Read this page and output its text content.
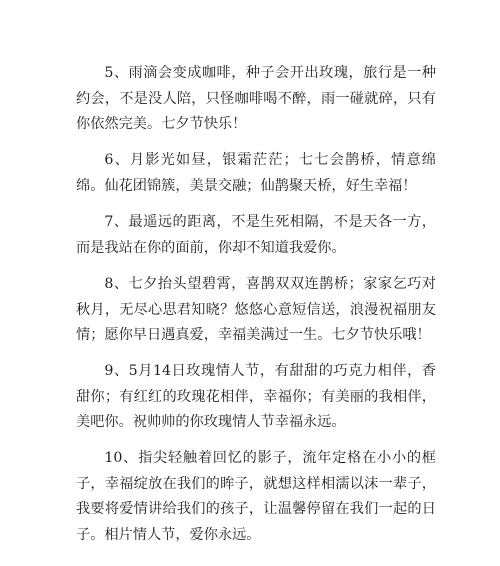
5、雨滴会变成咖啡，种子会开出玫瑰，旅行是一种约会，不是没人陪，只怪咖啡喝不醉，雨一碰就碎，只有你依然完美。七夕节快乐！

6、月影光如昼，银霜茫茫；七七会鹊桥，情意绵绵。仙花团锦簇，美景交融；仙鹊聚天桥，好生幸福！

7、最遥远的距离，不是生死相隔，不是天各一方，而是我站在你的面前，你却不知道我爱你。

8、七夕抬头望碧霄，喜鹊双双连鹊桥；家家乞巧对秋月，无尽心思君知晓？悠悠心意短信送，浪漫祝福朋友情；愿你早日遇真爱，幸福美满过一生。七夕节快乐哦！

9、5月14日玫瑰情人节，有甜甜的巧克力相伴，香甜你；有红红的玫瑰花相伴，幸福你；有美丽的我相伴，美吧你。祝帅帅的你玫瑰情人节幸福永远。

10、指尖轻触着回忆的影子，流年定格在小小的框子，幸福绽放在我们的眸子，就想这样相濡以沫一辈子，我要将爱情讲给我们的孩子，让温馨停留在我们一起的日子。相片情人节，爱你永远。
